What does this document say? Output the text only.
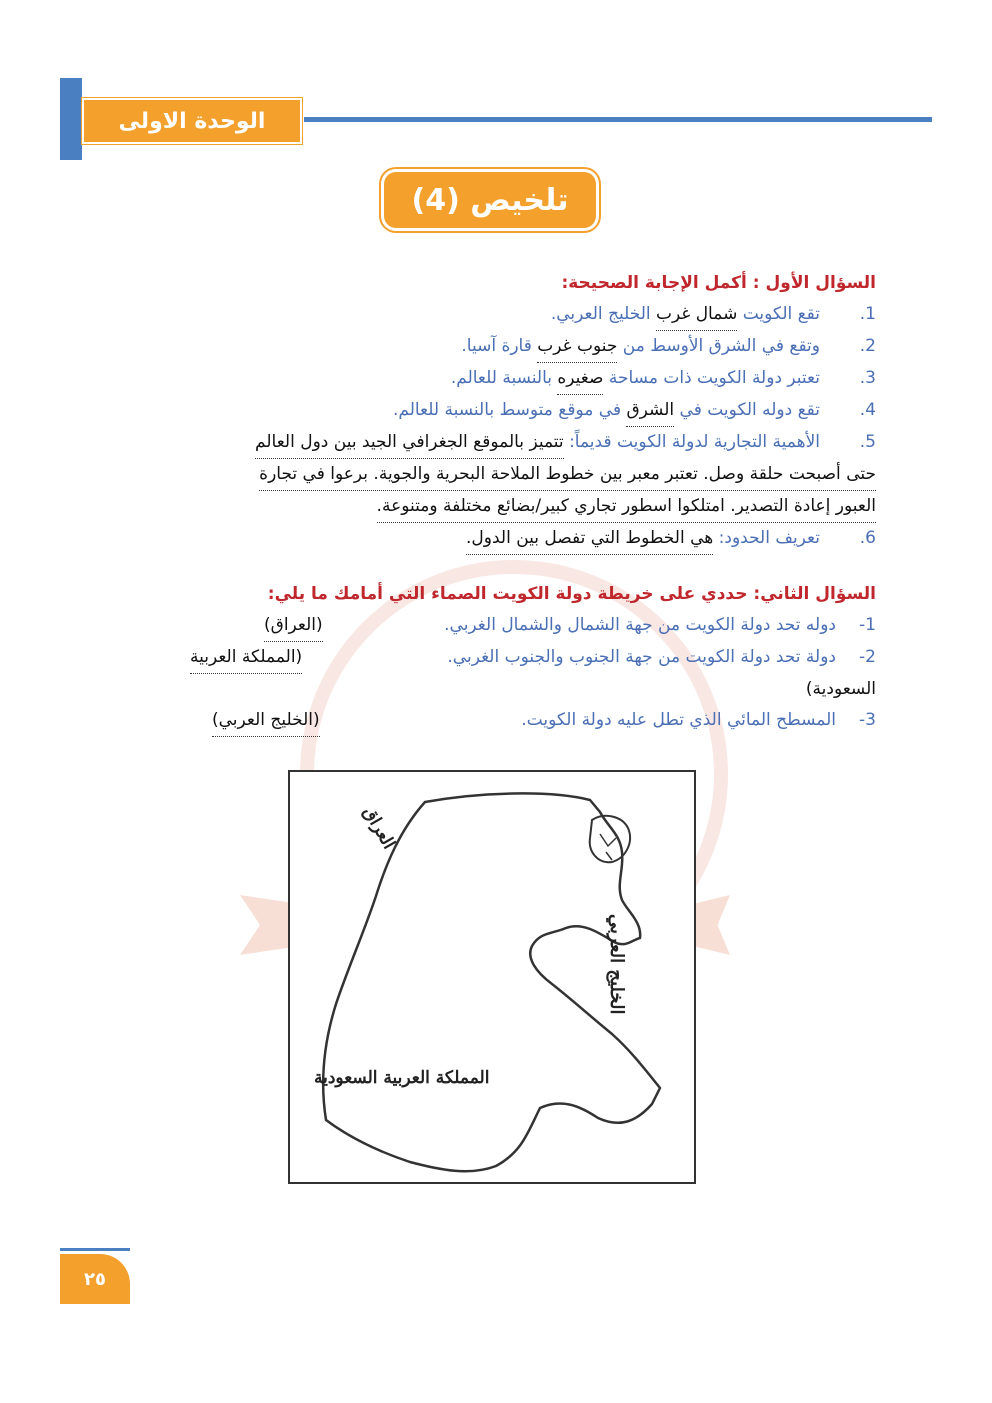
الوحدة الاولى
تلخيص (4)
السؤال الأول : أكمل الإجابة الصحيحة:
1.
تقع الكويت

شمال غرب

الخليج العربي.
2.
وتقع في الشرق الأوسط من

جنوب غرب

قارة آسيا.
3.
تعتبر دولة الكويت ذات مساحة

صغيره

بالنسبة للعالم.
4.
تقع دوله الكويت في

الشرق

في موقع متوسط بالنسبة للعالم.
5.
الأهمية التجارية لدولة الكويت قديماً:

تتميز بالموقع الجغرافي الجيد بين دول العالم
حتى أصبحت حلقة وصل. تعتبر معبر بين خطوط الملاحة البحرية والجوية. برعوا في تجارة
العبور إعادة التصدير. امتلكوا اسطور تجاري كبير/بضائع مختلفة ومتنوعة.
6.
تعريف الحدود:

هي الخطوط التي تفصل بين الدول.
السؤال الثاني: حددي على خريطة دولة الكويت الصماء التي أمامك ما يلي:
1-دوله تحد دولة الكويت من جهة الشمال والشمال الغربي.
(العراق)
2-دولة تحد دولة الكويت من جهة الجنوب والجنوب الغربي.
(المملكة العربية
السعودية)
3-المسطح المائي الذي تطل عليه دولة الكويت.
(الخليج العربي)
العراق
الخليج العربي
المملكة العربية السعودية
٢٥
